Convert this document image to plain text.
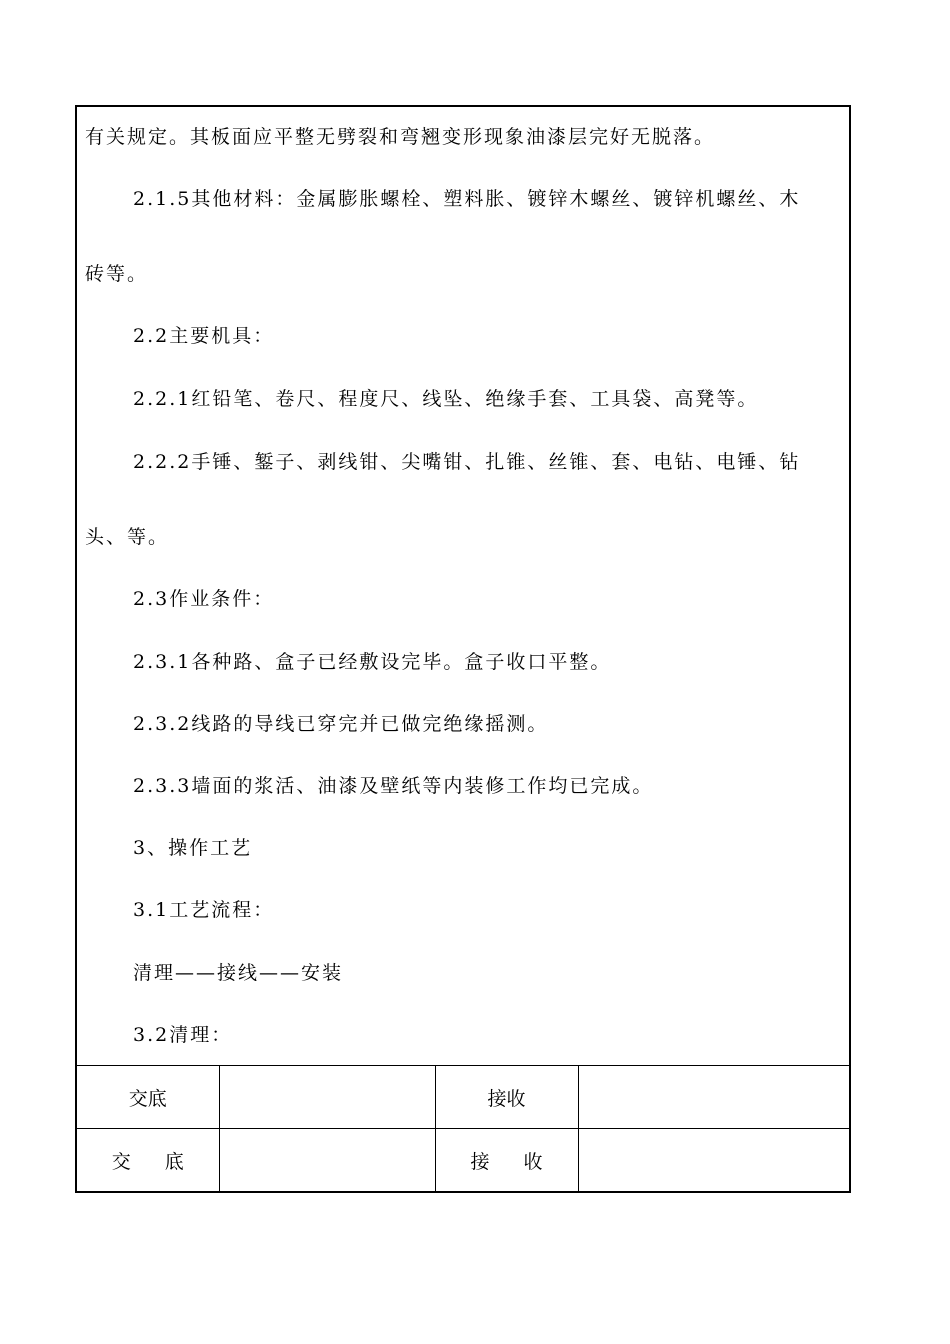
有关规定。其板面应平整无劈裂和弯翘变形现象油漆层完好无脱落。
2.1.5其他材料：金属膨胀螺栓、塑料胀、镀锌木螺丝、镀锌机螺丝、木
砖等。
2.2主要机具：
2.2.1红铅笔、卷尺、程度尺、线坠、绝缘手套、工具袋、高凳等。
2.2.2手锤、錾子、剥线钳、尖嘴钳、扎锥、丝锥、套、电钻、电锤、钻
头、等。
2.3作业条件：
2.3.1各种路、盒子已经敷设完毕。盒子收口平整。
2.3.2线路的导线已穿完并已做完绝缘摇测。
2.3.3墙面的浆活、油漆及壁纸等内装修工作均已完成。
3、操作工艺
3.1工艺流程：
清理——接线——安装
3.2清理：
交底		接收	
交底		接收	
